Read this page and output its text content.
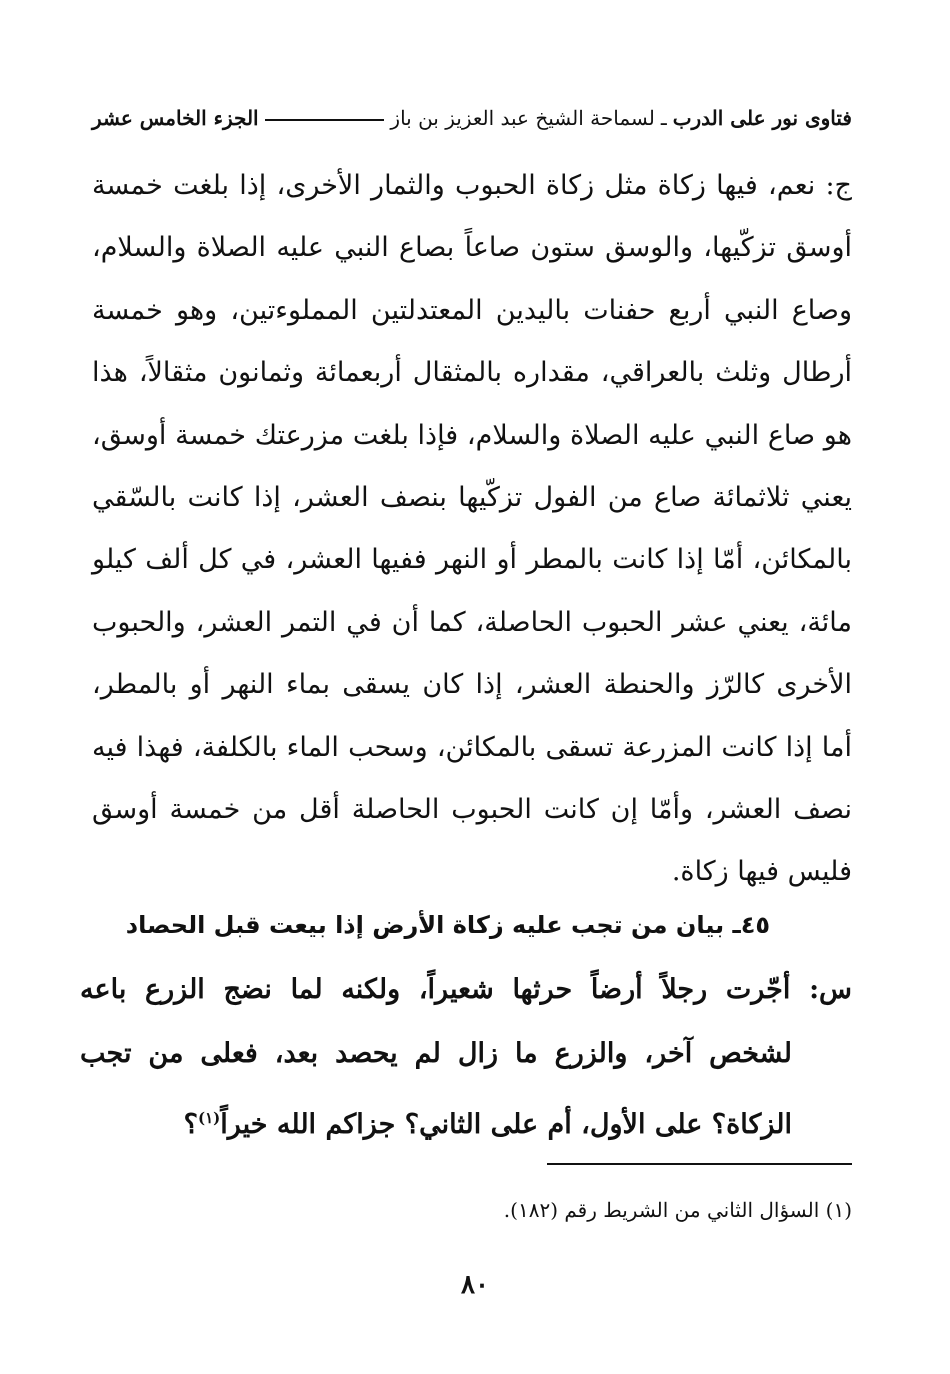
فتاوى نور على الدرب
ـ
لسماحة الشيخ عبد العزيز بن باز
الجزء الخامس عشر
ج: نعم، فيها زكاة مثل زكاة الحبوب والثمار الأخرى، إذا بلغت خمسة أوسق تزكّيها، والوسق ستون صاعاً بصاع النبي عليه الصلاة والسلام، وصاع النبي أربع حفنات باليدين المعتدلتين المملوءتين، وهو خمسة أرطال وثلث بالعراقي، مقداره بالمثقال أربعمائة وثمانون مثقالاً، هذا هو صاع النبي عليه الصلاة والسلام، فإذا بلغت مزرعتك خمسة أوسق، يعني ثلاثمائة صاع من الفول تزكّيها بنصف العشر، إذا كانت بالسّقي بالمكائن، أمّا إذا كانت بالمطر أو النهر ففيها العشر، في كل ألف كيلو مائة، يعني عشر الحبوب الحاصلة، كما أن في التمر العشر، والحبوب الأخرى كالرّز والحنطة العشر، إذا كان يسقى بماء النهر أو بالمطر، أما إذا كانت المزرعة تسقى بالمكائن، وسحب الماء بالكلفة، فهذا فيه نصف العشر، وأمّا إن كانت الحبوب الحاصلة أقل من خمسة أوسق فليس فيها زكاة.
٤٥ـ بيان من تجب عليه زكاة الأرض إذا بيعت قبل الحصاد
س: أجّرت رجلاً أرضاً حرثها شعيراً، ولكنه لما نضج الزرع باعه
لشخص آخر، والزرع ما زال لم يحصد بعد، فعلى من تجب
الزكاة؟ على الأول، أم على الثاني؟ جزاكم الله خيراً$^{(١)}$؟
(١) السؤال الثاني من الشريط رقم (١٨٢).
٨٠
